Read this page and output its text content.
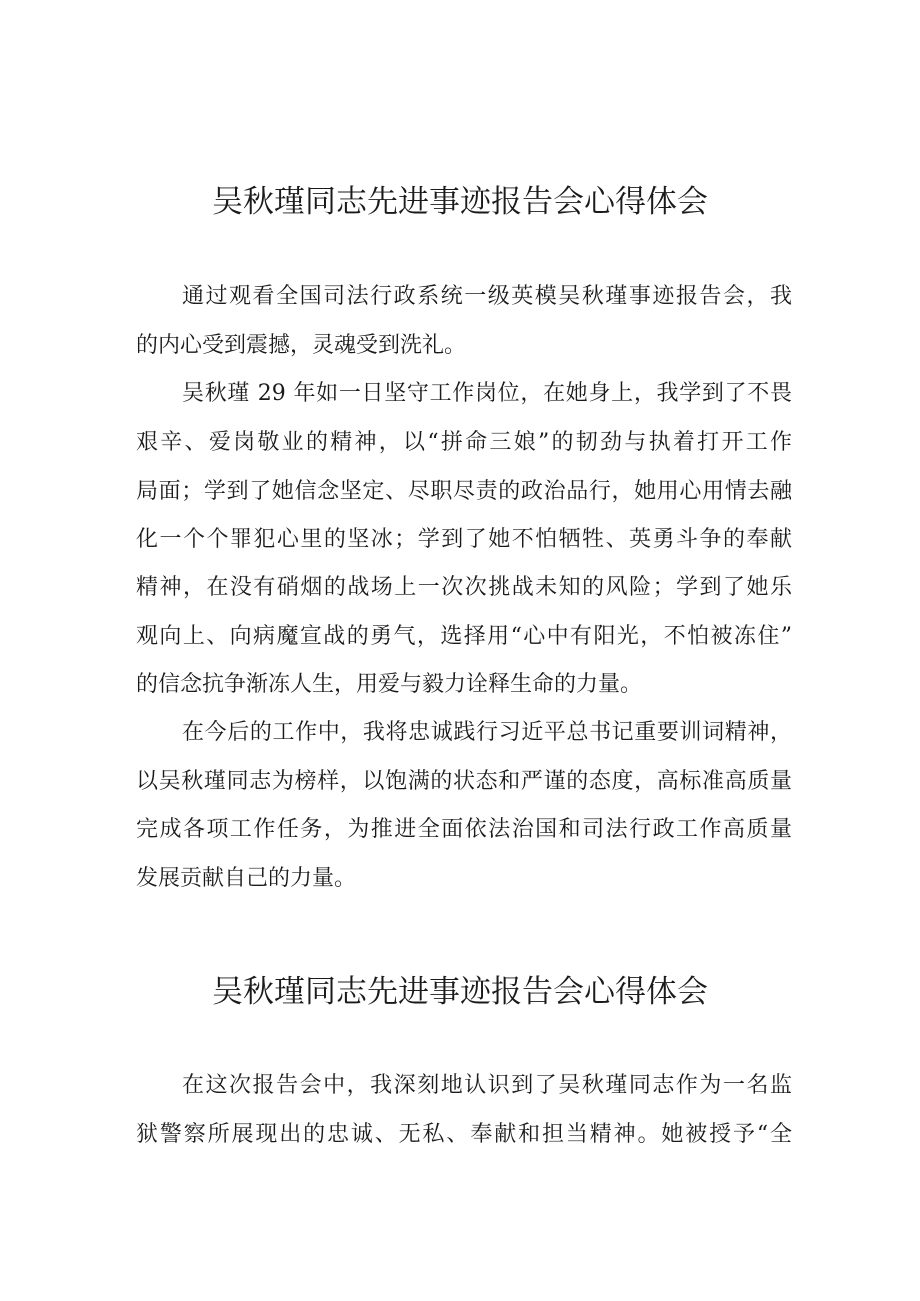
吴秋瑾同志先进事迹报告会心得体会

通过观看全国司法行政系统一级英模吴秋瑾事迹报告会，我

的内心受到震撼，灵魂受到洗礼。

吴秋瑾 29 年如一日坚守工作岗位，在她身上，我学到了不畏

艰辛、爱岗敬业的精神，以“拼命三娘”的韧劲与执着打开工作

局面；学到了她信念坚定、尽职尽责的政治品行，她用心用情去融

化一个个罪犯心里的坚冰；学到了她不怕牺牲、英勇斗争的奉献

精神，在没有硝烟的战场上一次次挑战未知的风险；学到了她乐

观向上、向病魔宣战的勇气，选择用“心中有阳光，不怕被冻住”

的信念抗争渐冻人生，用爱与毅力诠释生命的力量。

在今后的工作中，我将忠诚践行习近平总书记重要训词精神，

以吴秋瑾同志为榜样，以饱满的状态和严谨的态度，高标准高质量

完成各项工作任务，为推进全面依法治国和司法行政工作高质量

发展贡献自己的力量。

吴秋瑾同志先进事迹报告会心得体会

在这次报告会中，我深刻地认识到了吴秋瑾同志作为一名监

狱警察所展现出的忠诚、无私、奉献和担当精神。她被授予“全
